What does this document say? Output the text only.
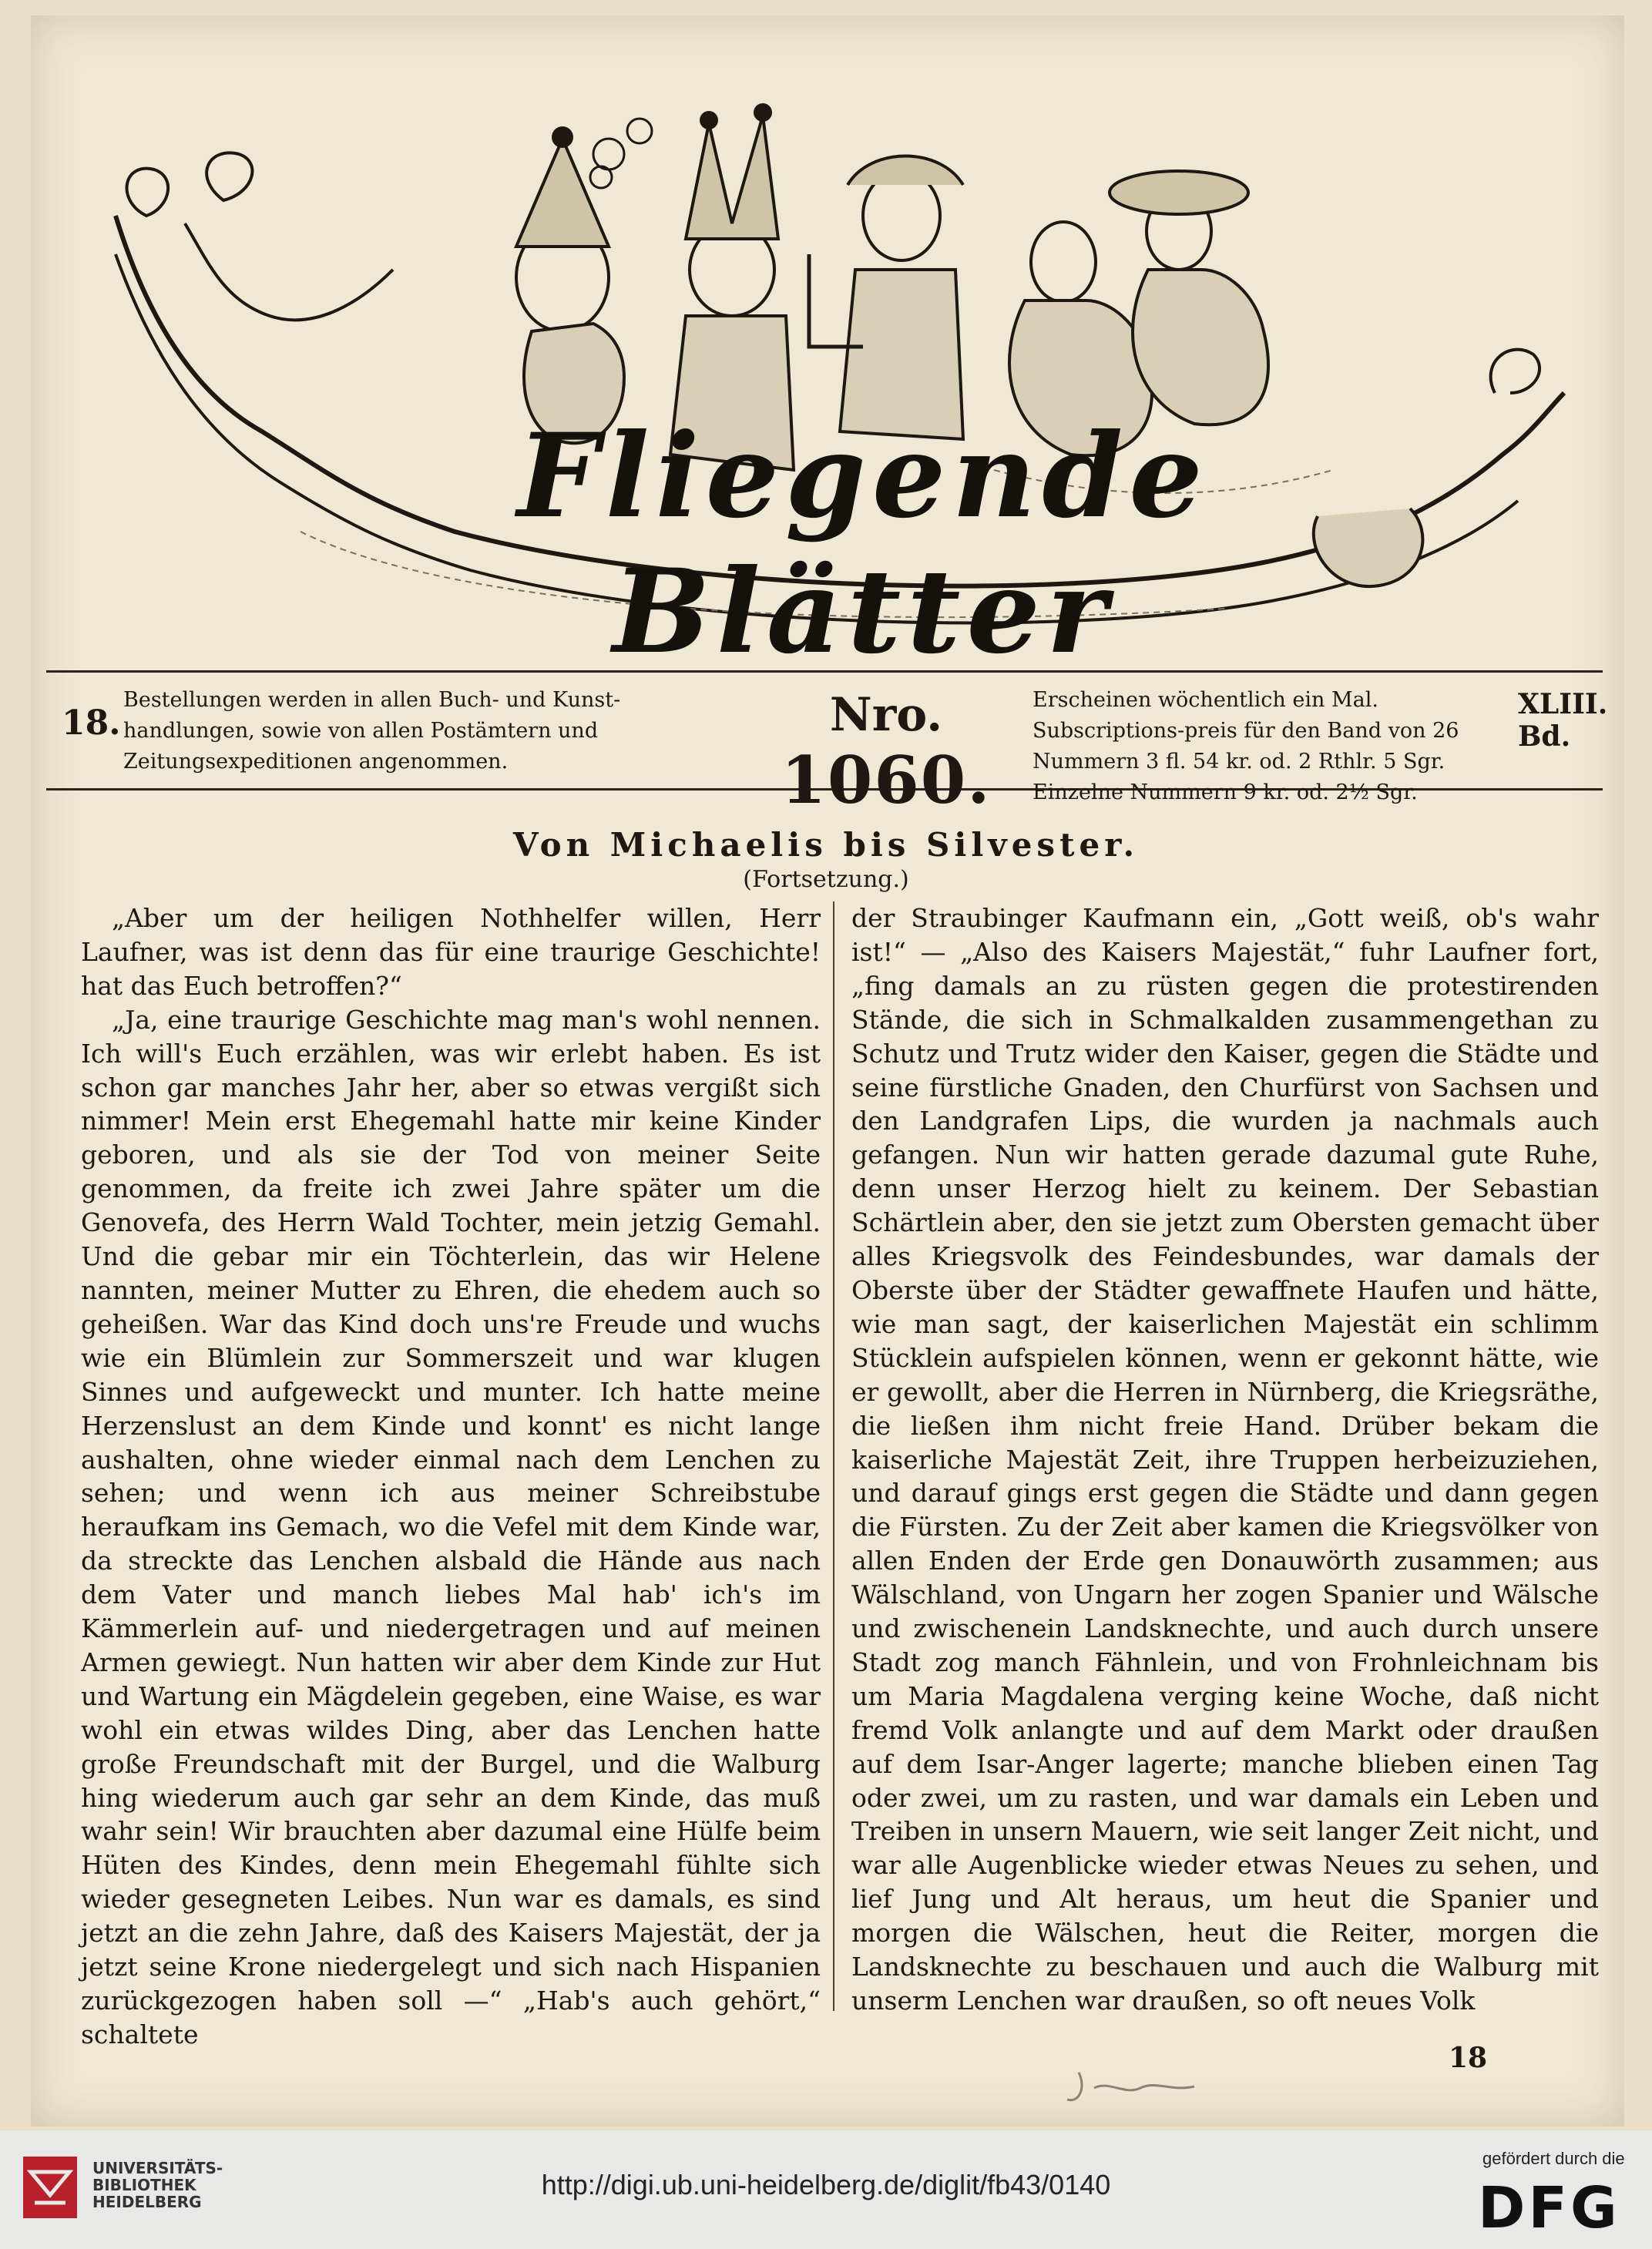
Fliegende Blätter
18.
Bestellungen werden in allen Buch- und Kunst-handlungen, sowie von allen Postämtern und Zeitungsexpeditionen angenommen.
Nro. 1060.
Erscheinen wöchentlich ein Mal. Subscriptions-preis für den Band von 26 Nummern 3 fl. 54 kr. od. 2 Rthlr. 5 Sgr. Einzelne Nummern 9 kr. od. 2½ Sgr.
XLIII. Bd.
Von Michaelis bis Silvester.
(Fortsetzung.)

„Aber um der heiligen Nothhelfer willen, Herr Laufner, was ist denn das für eine traurige Geschichte! hat das Euch betroffen?“

„Ja, eine traurige Geschichte mag man's wohl nennen. Ich will's Euch erzählen, was wir erlebt haben. Es ist schon gar manches Jahr her, aber so etwas vergißt sich nimmer! Mein erst Ehegemahl hatte mir keine Kinder geboren, und als sie der Tod von meiner Seite genommen, da freite ich zwei Jahre später um die Genovefa, des Herrn Wald Tochter, mein jetzig Gemahl. Und die gebar mir ein Töchterlein, das wir Helene nannten, meiner Mutter zu Ehren, die ehedem auch so geheißen. War das Kind doch uns're Freude und wuchs wie ein Blümlein zur Sommerszeit und war klugen Sinnes und aufgeweckt und munter. Ich hatte meine Herzenslust an dem Kinde und konnt' es nicht lange aushalten, ohne wieder einmal nach dem Lenchen zu sehen; und wenn ich aus meiner Schreibstube heraufkam ins Gemach, wo die Vefel mit dem Kinde war, da streckte das Lenchen alsbald die Hände aus nach dem Vater und manch liebes Mal hab' ich's im Kämmerlein auf- und niedergetragen und auf meinen Armen gewiegt. Nun hatten wir aber dem Kinde zur Hut und Wartung ein Mägdelein gegeben, eine Waise, es war wohl ein etwas wildes Ding, aber das Lenchen hatte große Freundschaft mit der Burgel, und die Walburg hing wiederum auch gar sehr an dem Kinde, das muß wahr sein! Wir brauchten aber dazumal eine Hülfe beim Hüten des Kindes, denn mein Ehegemahl fühlte sich wieder gesegneten Leibes. Nun war es damals, es sind jetzt an die zehn Jahre, daß des Kaisers Majestät, der ja jetzt seine Krone niedergelegt und sich nach Hispanien zurückgezogen haben soll —“ „Hab's auch gehört,“ schaltete

der Straubinger Kaufmann ein, „Gott weiß, ob's wahr ist!“ — „Also des Kaisers Majestät,“ fuhr Laufner fort, „fing damals an zu rüsten gegen die protestirenden Stände, die sich in Schmalkalden zusammengethan zu Schutz und Trutz wider den Kaiser, gegen die Städte und seine fürstliche Gnaden, den Churfürst von Sachsen und den Landgrafen Lips, die wurden ja nachmals auch gefangen. Nun wir hatten gerade dazumal gute Ruhe, denn unser Herzog hielt zu keinem. Der Sebastian Schärtlein aber, den sie jetzt zum Obersten gemacht über alles Kriegsvolk des Feindesbundes, war damals der Oberste über der Städter gewaffnete Haufen und hätte, wie man sagt, der kaiserlichen Majestät ein schlimm Stücklein aufspielen können, wenn er gekonnt hätte, wie er gewollt, aber die Herren in Nürnberg, die Kriegsräthe, die ließen ihm nicht freie Hand. Drüber bekam die kaiserliche Majestät Zeit, ihre Truppen herbeizuziehen, und darauf gings erst gegen die Städte und dann gegen die Fürsten. Zu der Zeit aber kamen die Kriegsvölker von allen Enden der Erde gen Donauwörth zusammen; aus Wälschland, von Ungarn her zogen Spanier und Wälsche und zwischenein Landsknechte, und auch durch unsere Stadt zog manch Fähnlein, und von Frohnleichnam bis um Maria Magdalena verging keine Woche, daß nicht fremd Volk anlangte und auf dem Markt oder draußen auf dem Isar-Anger lagerte; manche blieben einen Tag oder zwei, um zu rasten, und war damals ein Leben und Treiben in unsern Mauern, wie seit langer Zeit nicht, und war alle Augenblicke wieder etwas Neues zu sehen, und lief Jung und Alt heraus, um heut die Spanier und morgen die Wälschen, heut die Reiter, morgen die Landsknechte zu beschauen und auch die Walburg mit unserm Lenchen war draußen, so oft neues Volk

18
UNIVERSITÄTS-
BIBLIOTHEK
HEIDELBERG
http://digi.ub.uni-heidelberg.de/diglit/fb43/0140
gefördert durch die
DFG
